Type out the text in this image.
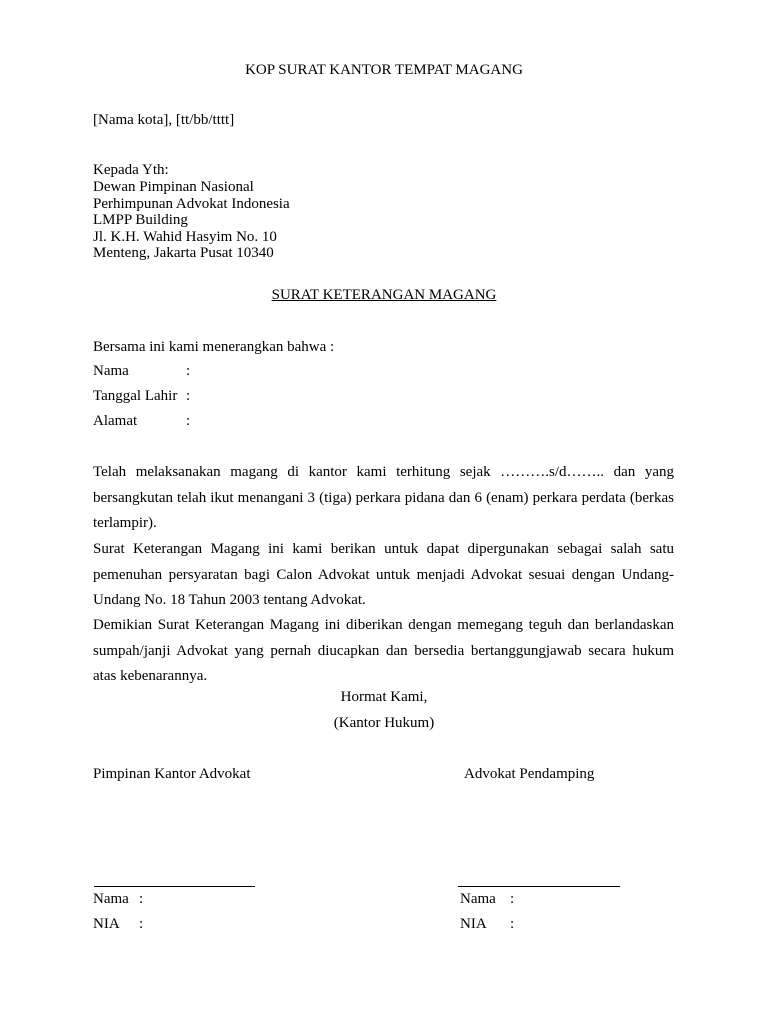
KOP SURAT KANTOR TEMPAT MAGANG
[Nama kota], [tt/bb/tttt]
Kepada Yth:
Dewan Pimpinan Nasional
Perhimpunan Advokat Indonesia
LMPP Building
Jl. K.H. Wahid Hasyim No. 10
Menteng, Jakarta Pusat 10340
SURAT KETERANGAN MAGANG
Bersama ini kami menerangkan bahwa :
Nama	:
Tanggal Lahir :
Alamat	:
Telah melaksanakan magang di kantor kami terhitung sejak ……….s/d…….. dan yang bersangkutan telah ikut menangani 3 (tiga) perkara pidana dan 6 (enam) perkara perdata (berkas terlampir).
Surat Keterangan Magang ini kami berikan untuk dapat dipergunakan sebagai salah satu pemenuhan persyaratan bagi Calon Advokat untuk menjadi Advokat sesuai dengan Undang-Undang No. 18 Tahun 2003 tentang Advokat.
Demikian Surat Keterangan Magang ini diberikan dengan memegang teguh dan berlandaskan sumpah/janji Advokat yang pernah diucapkan dan bersedia bertanggungjawab secara hukum atas kebenarannya.
Hormat Kami,
(Kantor Hukum)
Pimpinan Kantor Advokat	Advokat Pendamping
Nama :
NIA :
Nama :
NIA :
